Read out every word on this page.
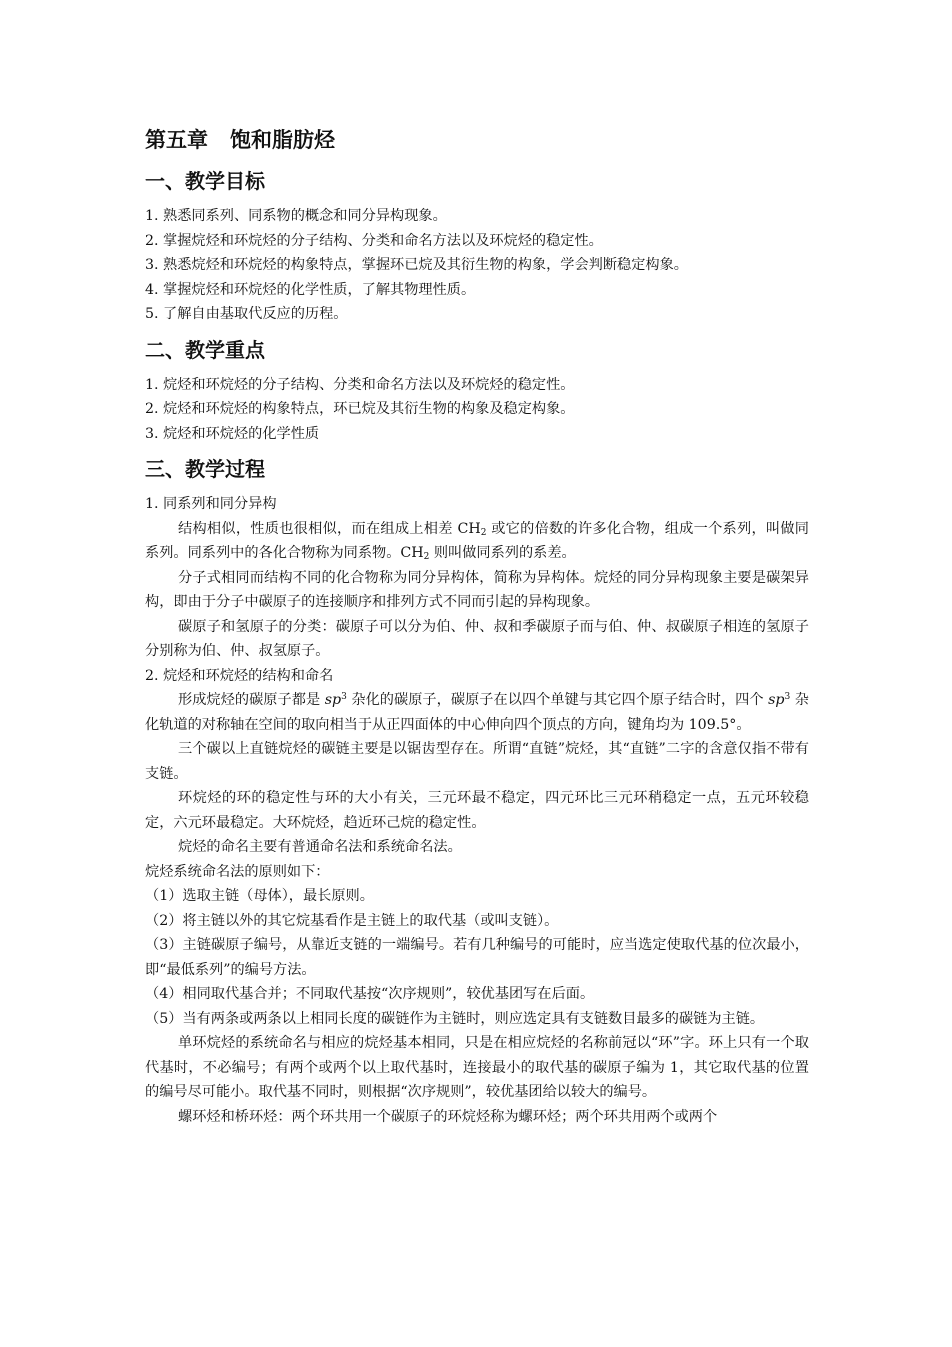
第五章 饱和脂肪烃
一、教学目标

1. 熟悉同系列、同系物的概念和同分异构现象。

2. 掌握烷烃和环烷烃的分子结构、分类和命名方法以及环烷烃的稳定性。

3. 熟悉烷烃和环烷烃的构象特点，掌握环已烷及其衍生物的构象，学会判断稳定构象。

4. 掌握烷烃和环烷烃的化学性质，了解其物理性质。

5. 了解自由基取代反应的历程。

二、教学重点

1. 烷烃和环烷烃的分子结构、分类和命名方法以及环烷烃的稳定性。

2. 烷烃和环烷烃的构象特点，环已烷及其衍生物的构象及稳定构象。

3. 烷烃和环烷烃的化学性质

三、教学过程

1. 同系列和同分异构

结构相似，性质也很相似，而在组成上相差 $CH_2$ 或它的倍数的许多化合物，组成一个系列，叫做同系列。同系列中的各化合物称为同系物。$CH_2$ 则叫做同系列的系差。

分子式相同而结构不同的化合物称为同分异构体，简称为异构体。烷烃的同分异构现象主要是碳架异构，即由于分子中碳原子的连接顺序和排列方式不同而引起的异构现象。

碳原子和氢原子的分类：碳原子可以分为伯、仲、叔和季碳原子而与伯、仲、叔碳原子相连的氢原子分别称为伯、仲、叔氢原子。

2. 烷烃和环烷烃的结构和命名

形成烷烃的碳原子都是 $sp^3$ 杂化的碳原子，碳原子在以四个单键与其它四个原子结合时，四个 $sp^3$ 杂化轨道的对称轴在空间的取向相当于从正四面体的中心伸向四个顶点的方向，键角均为 109.5°。

三个碳以上直链烷烃的碳链主要是以锯齿型存在。所谓“直链”烷烃，其“直链”二字的含意仅指不带有支链。

环烷烃的环的稳定性与环的大小有关，三元环最不稳定，四元环比三元环稍稳定一点，五元环较稳定，六元环最稳定。大环烷烃，趋近环己烷的稳定性。

烷烃的命名主要有普通命名法和系统命名法。

烷烃系统命名法的原则如下：

（1）选取主链（母体），最长原则。

（2）将主链以外的其它烷基看作是主链上的取代基（或叫支链）。

（3）主链碳原子编号，从靠近支链的一端编号。若有几种编号的可能时，应当选定使取代基的位次最小，即“最低系列”的编号方法。

（4）相同取代基合并；不同取代基按“次序规则”，较优基团写在后面。

（5）当有两条或两条以上相同长度的碳链作为主链时，则应选定具有支链数目最多的碳链为主链。

单环烷烃的系统命名与相应的烷烃基本相同，只是在相应烷烃的名称前冠以“环”字。环上只有一个取代基时，不必编号；有两个或两个以上取代基时，连接最小的取代基的碳原子编为 1，其它取代基的位置的编号尽可能小。取代基不同时，则根据“次序规则”，较优基团给以较大的编号。

螺环烃和桥环烃：两个环共用一个碳原子的环烷烃称为螺环烃；两个环共用两个或两个
